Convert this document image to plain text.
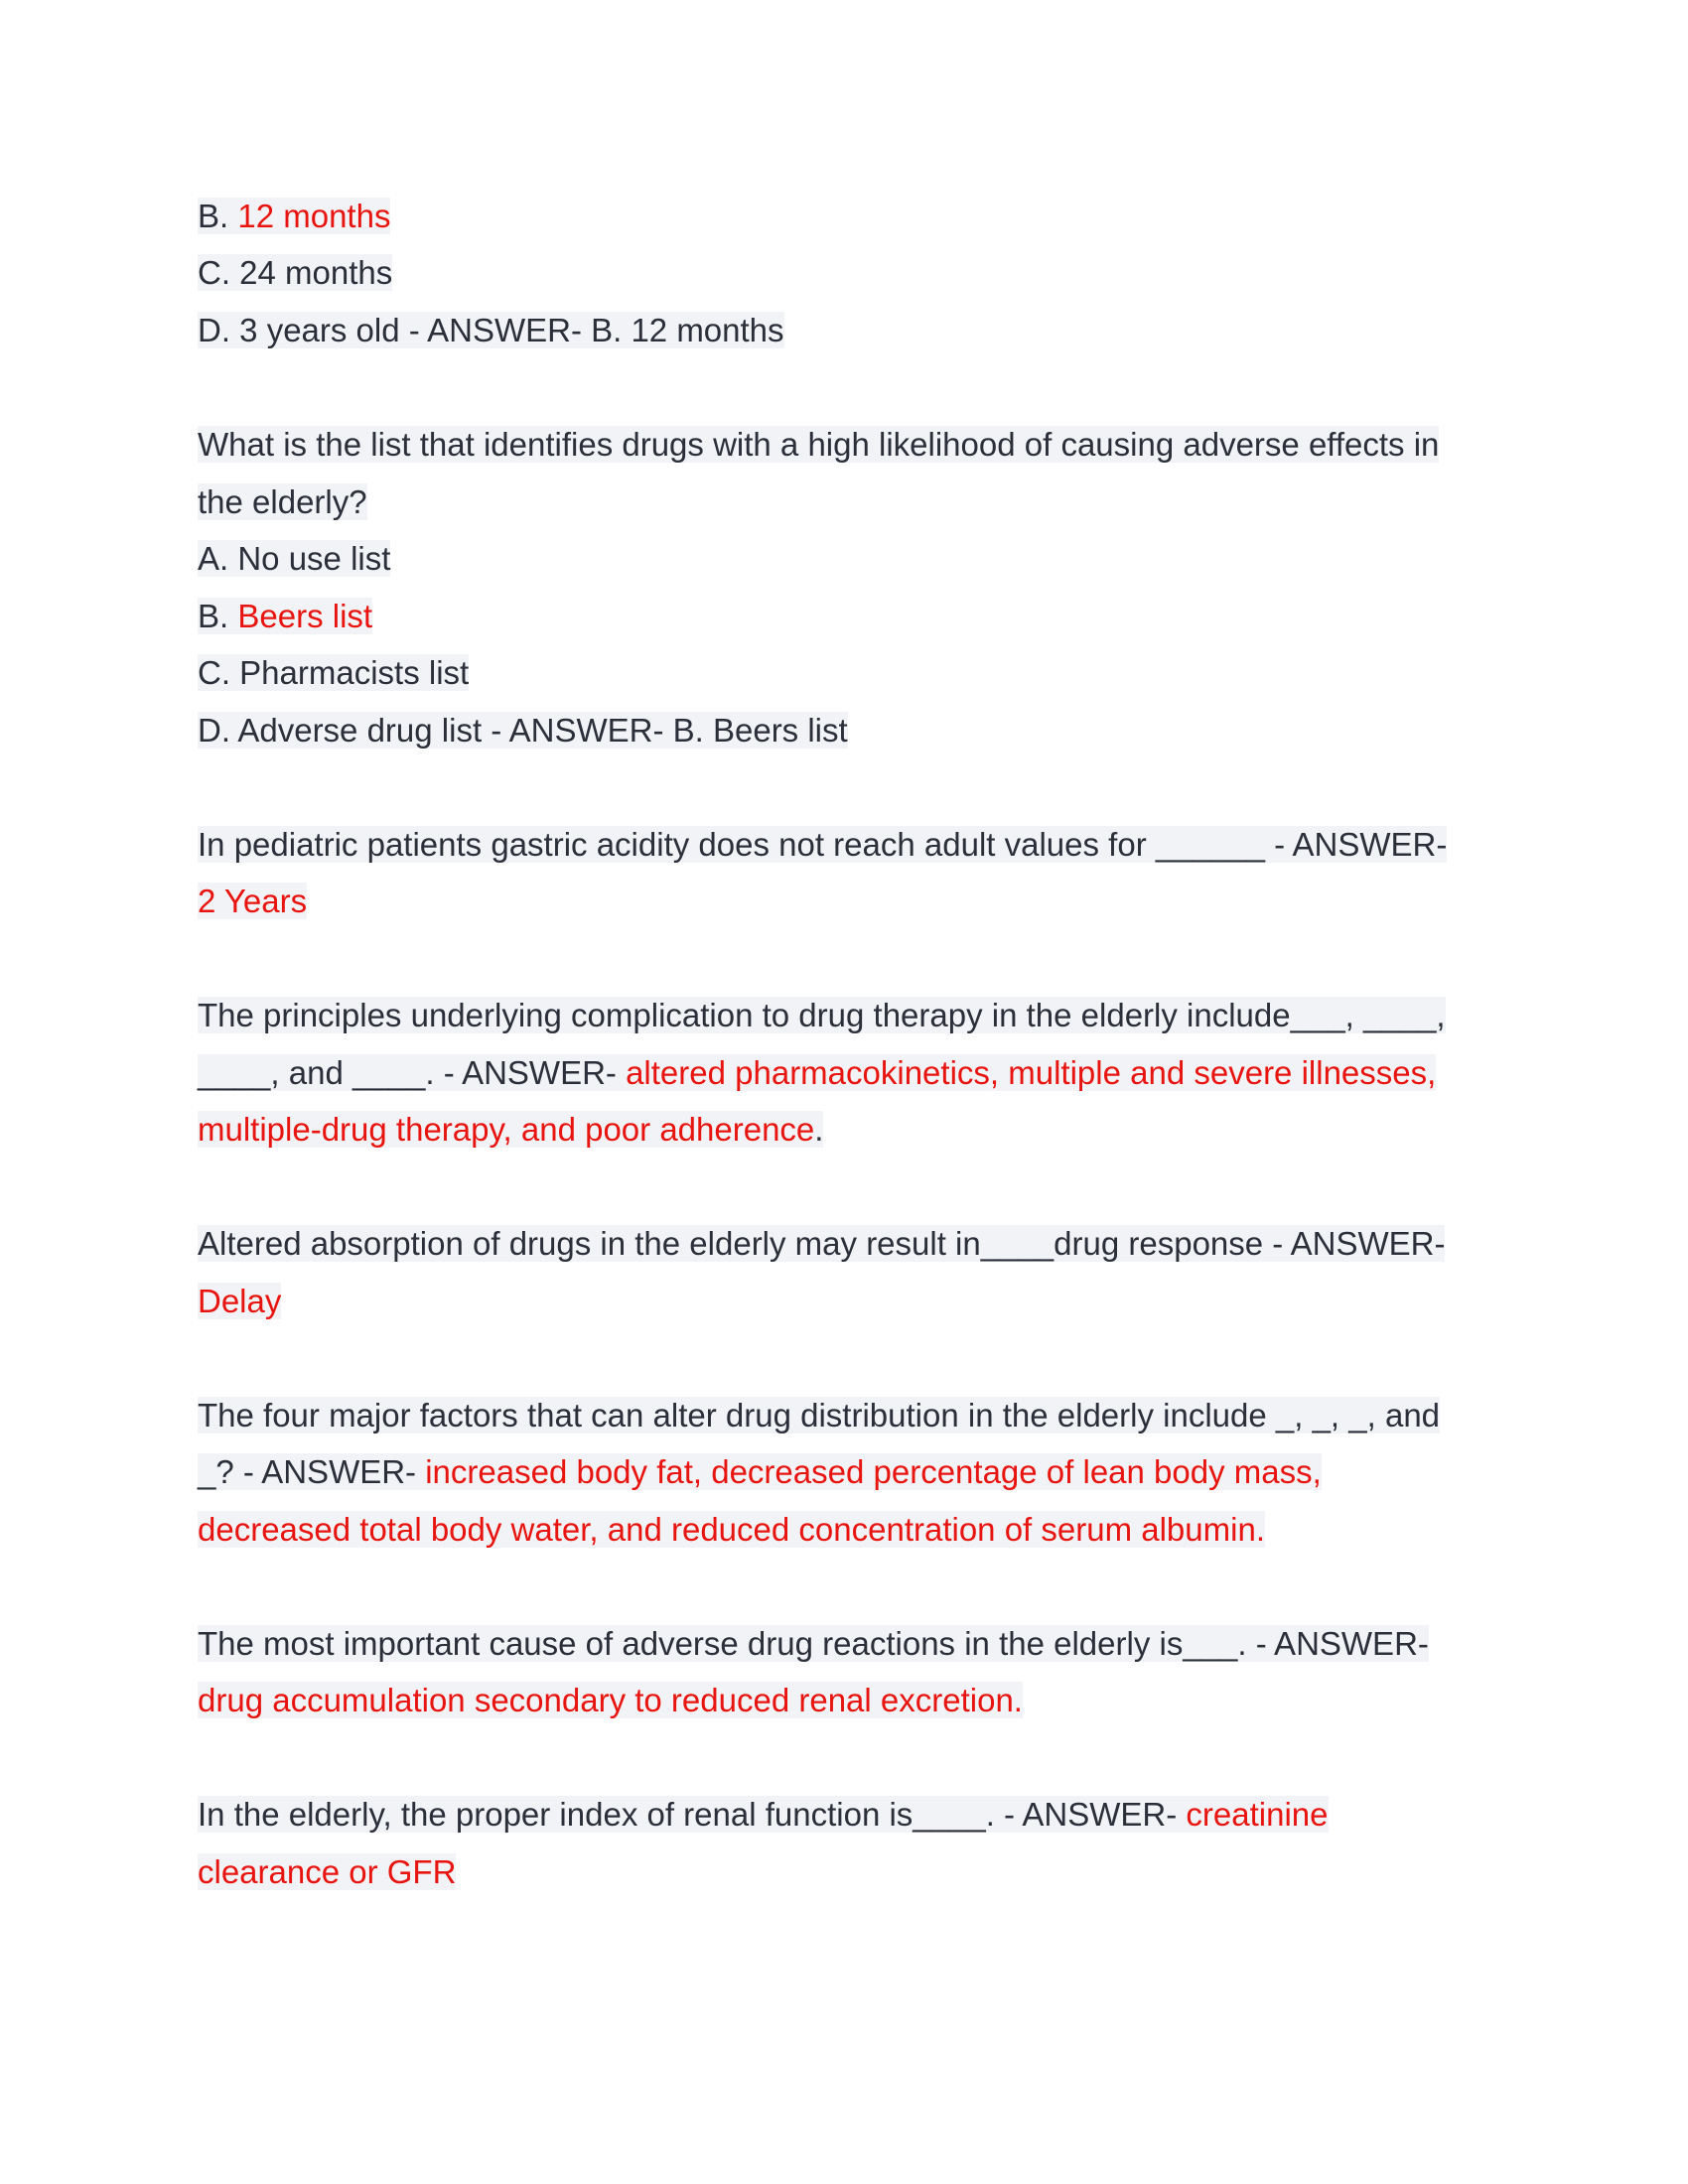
B. 12 months
C. 24 months
D. 3 years old - ANSWER- B. 12 months
What is the list that identifies drugs with a high likelihood of causing adverse effects in
the elderly?
A. No use list
B. Beers list
C. Pharmacists list
D. Adverse drug list - ANSWER- B. Beers list
In pediatric patients gastric acidity does not reach adult values for ______ - ANSWER-
2 Years
The principles underlying complication to drug therapy in the elderly include___, ____,
____, and ____. - ANSWER- altered pharmacokinetics, multiple and severe illnesses,
multiple-drug therapy, and poor adherence.
Altered absorption of drugs in the elderly may result in____drug response - ANSWER-
Delay
The four major factors that can alter drug distribution in the elderly include _, _, _, and
_? - ANSWER- increased body fat, decreased percentage of lean body mass,
decreased total body water, and reduced concentration of serum albumin.
The most important cause of adverse drug reactions in the elderly is___. - ANSWER-
drug accumulation secondary to reduced renal excretion.
In the elderly, the proper index of renal function is____. - ANSWER- creatinine
clearance or GFR
